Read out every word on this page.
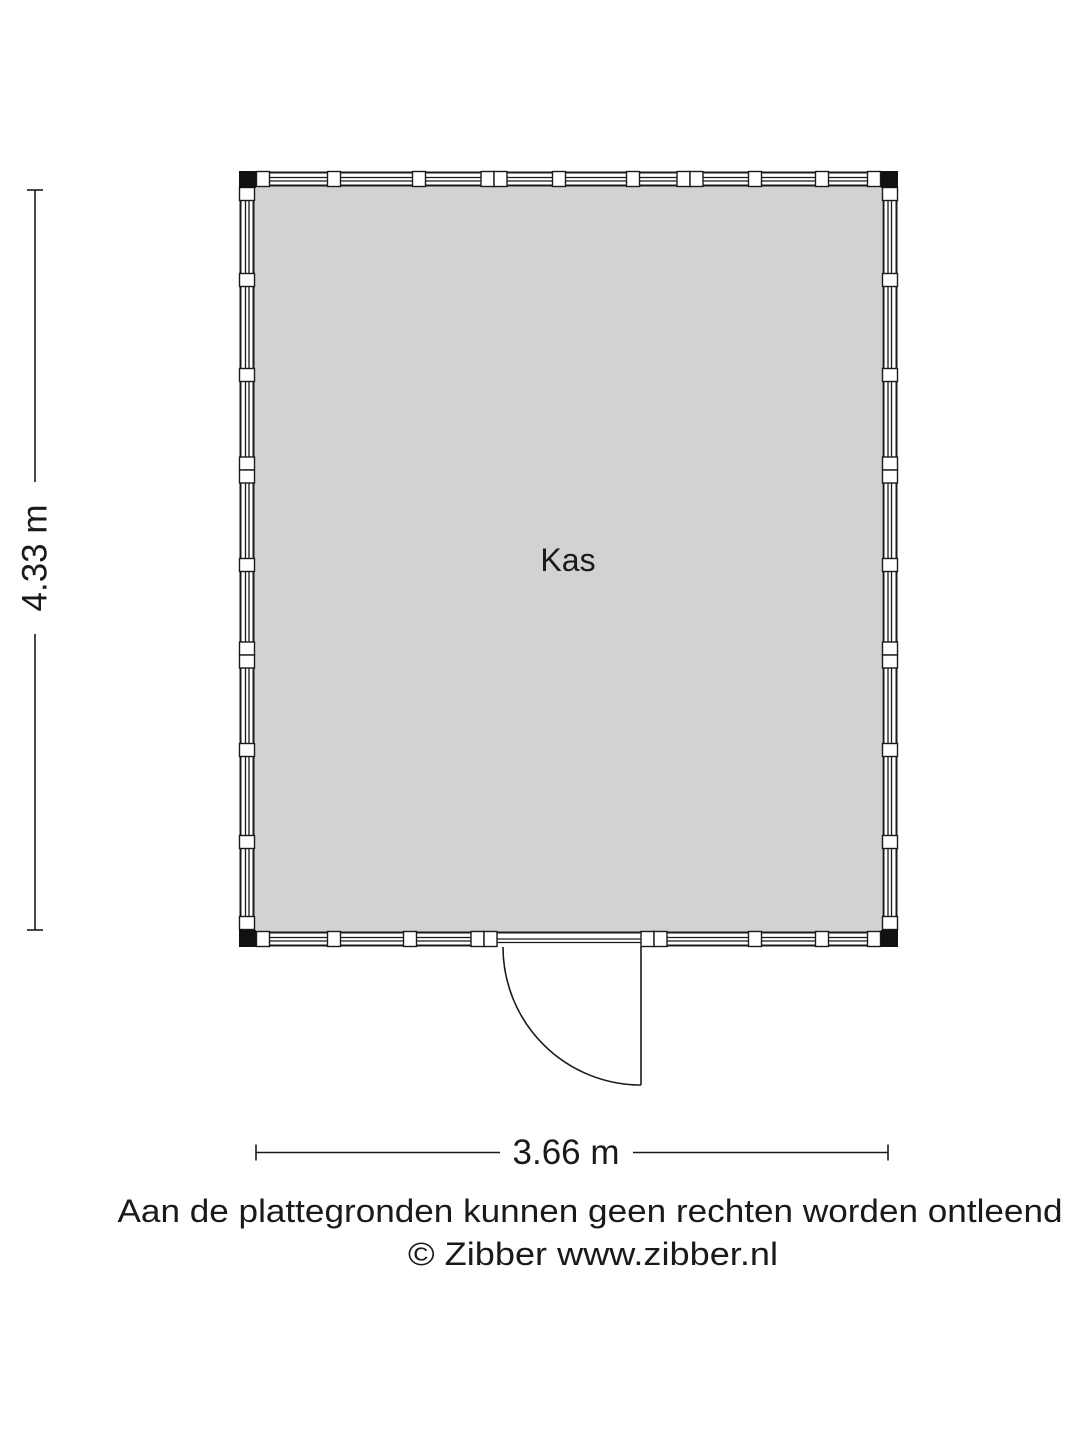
4.33 m
3.66 m
Kas
Aan de plattegronden kunnen geen rechten worden ontleend
© Zibber www.zibber.nl
